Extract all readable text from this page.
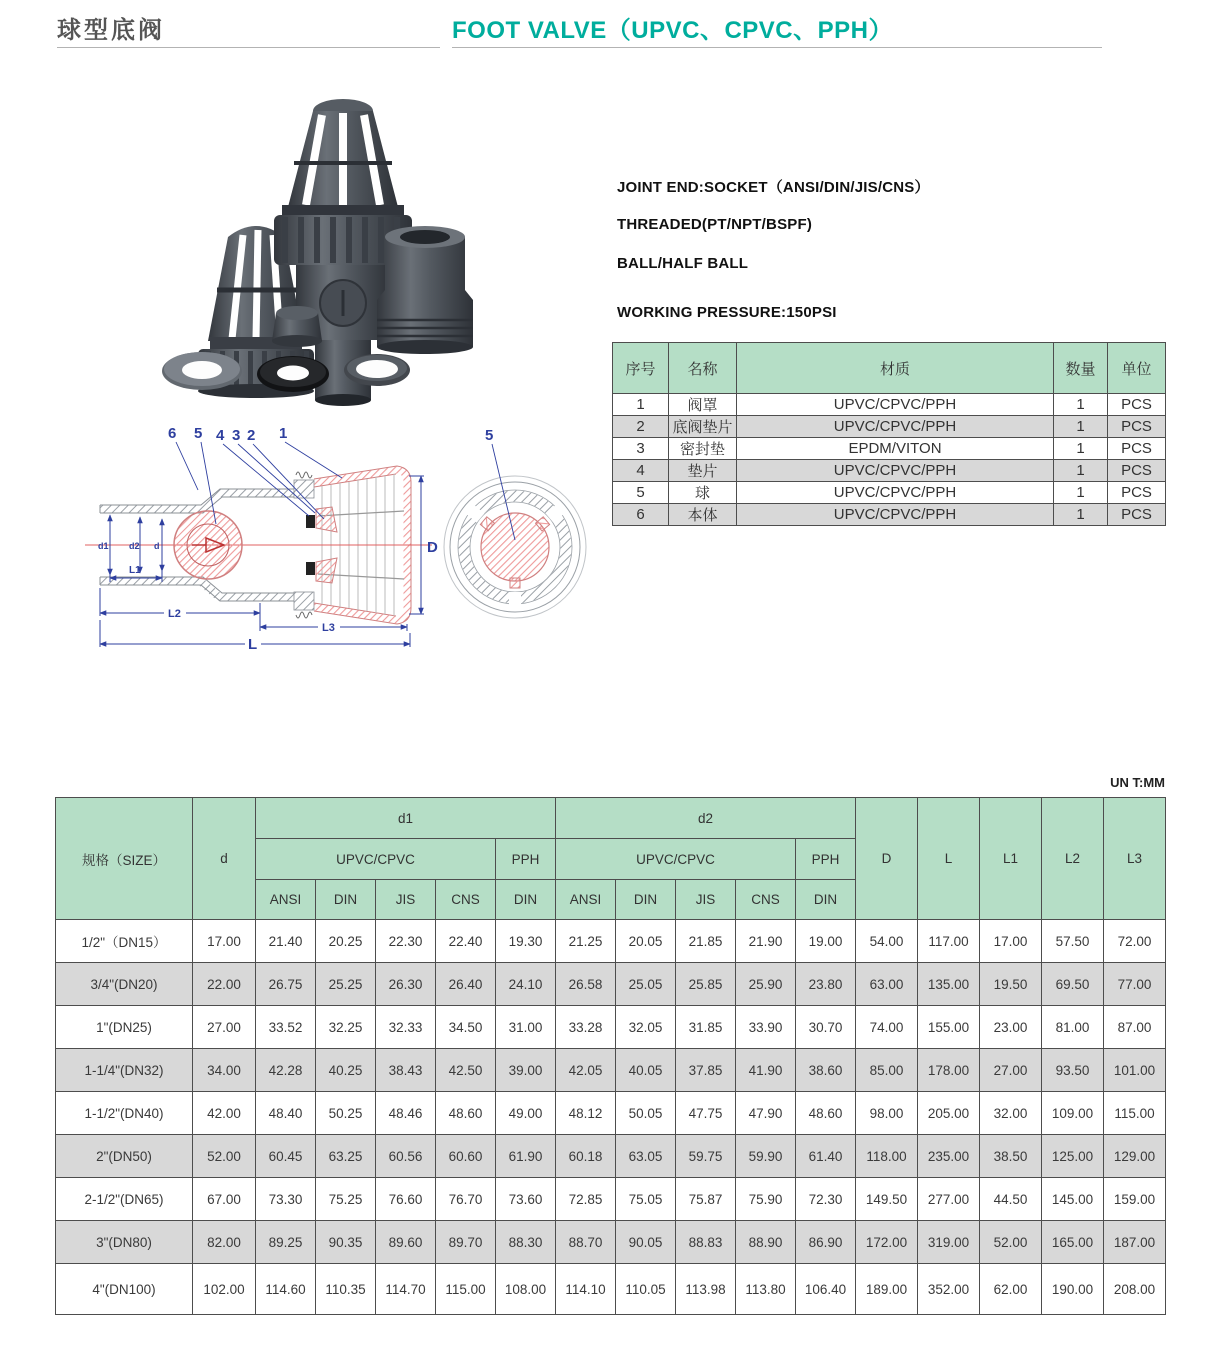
球型底阀	FOOT VALVE（UPVC、CPVC、PPH）

JOINT END:SOCKET（ANSI/DIN/JIS/CNS）

THREADED(PT/NPT/BSPF)

BALL/HALF BALL

WORKING PRESSURE:150PSI

序号	名称	材质	数量	单位
1	阀罩	UPVC/CPVC/PPH	1	PCS
2	底阀垫片	UPVC/CPVC/PPH	1	PCS
3	密封垫	EPDM/VITON	1	PCS
4	垫片	UPVC/CPVC/PPH	1	PCS
5	球	UPVC/CPVC/PPH	1	PCS
6	本体	UPVC/CPVC/PPH	1	PCS
6 5 4 3 2 1
d1 d2 d
L1
L2
L3
L
D
5
UN T:MM
规格（SIZE）	d	d1					d2					D	L	L1	L2	L3
		UPVC/CPVC				PPH	UPVC/CPVC				PPH					
		ANSI	DIN	JIS	CNS	DIN	ANSI	DIN	JIS	CNS	DIN					
1/2"（DN15）	17.00	21.40	20.25	22.30	22.40	19.30	21.25	20.05	21.85	21.90	19.00	54.00	117.00	17.00	57.50	72.00
3/4"(DN20)	22.00	26.75	25.25	26.30	26.40	24.10	26.58	25.05	25.85	25.90	23.80	63.00	135.00	19.50	69.50	77.00
1"(DN25)	27.00	33.52	32.25	32.33	34.50	31.00	33.28	32.05	31.85	33.90	30.70	74.00	155.00	23.00	81.00	87.00
1-1/4"(DN32)	34.00	42.28	40.25	38.43	42.50	39.00	42.05	40.05	37.85	41.90	38.60	85.00	178.00	27.00	93.50	101.00
1-1/2"(DN40)	42.00	48.40	50.25	48.46	48.60	49.00	48.12	50.05	47.75	47.90	48.60	98.00	205.00	32.00	109.00	115.00
2"(DN50)	52.00	60.45	63.25	60.56	60.60	61.90	60.18	63.05	59.75	59.90	61.40	118.00	235.00	38.50	125.00	129.00
2-1/2"(DN65)	67.00	73.30	75.25	76.60	76.70	73.60	72.85	75.05	75.87	75.90	72.30	149.50	277.00	44.50	145.00	159.00
3"(DN80)	82.00	89.25	90.35	89.60	89.70	88.30	88.70	90.05	88.83	88.90	86.90	172.00	319.00	52.00	165.00	187.00
4"(DN100)	102.00	114.60	110.35	114.70	115.00	108.00	114.10	110.05	113.98	113.80	106.40	189.00	352.00	62.00	190.00	208.00
